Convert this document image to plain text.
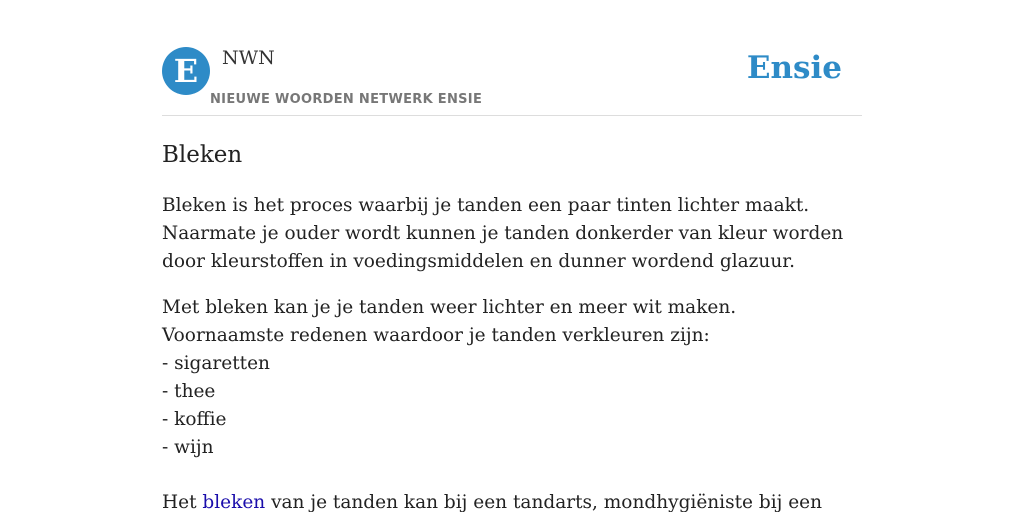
E	NWN
NIEUWE WOORDEN NETWERK ENSIE
Ensie
Bleken

Bleken is het proces waarbij je tanden een paar tinten lichter maakt. Naarmate je ouder wordt kunnen je tanden donkerder van kleur worden door kleurstoffen in voedingsmiddelen en dunner wordend glazuur.

Met bleken kan je je tanden weer lichter en meer wit maken. Voornaamste redenen waardoor je tanden verkleuren zijn:

- sigaretten
- thee
- koffie
- wijn

Het bleken van je tanden kan bij een tandarts, mondhygiëniste bij een
